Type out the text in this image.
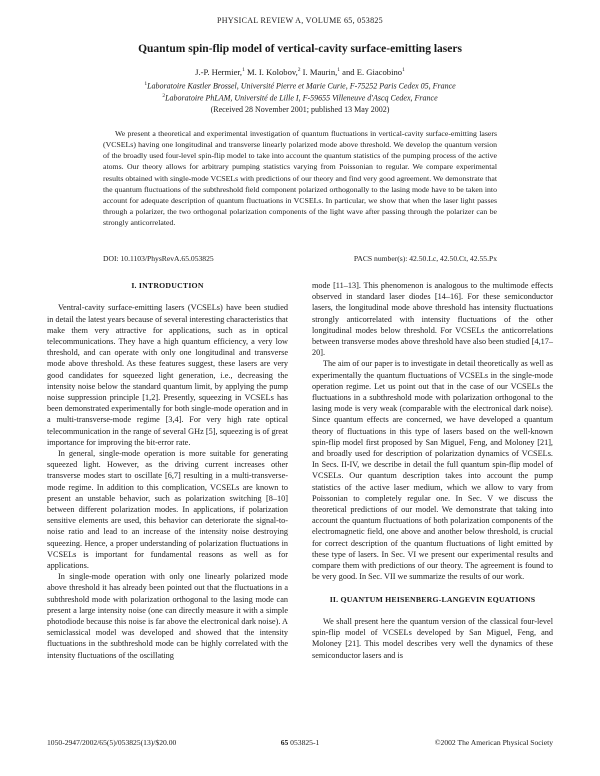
PHYSICAL REVIEW A, VOLUME 65, 053825
Quantum spin-flip model of vertical-cavity surface-emitting lasers
J.-P. Hermier,$^1$ M. I. Kolobov,$^2$ I. Maurin,$^1$ and E. Giacobino$^1$
$^1$Laboratoire Kastler Brossel, Université Pierre et Marie Curie, F-75252 Paris Cedex 05, France
$^2$Laboratoire PhLAM, Université de Lille I, F-59655 Villeneuve d'Ascq Cedex, France
(Received 28 November 2001; published 13 May 2002)
We present a theoretical and experimental investigation of quantum fluctuations in vertical-cavity surface-emitting lasers (VCSELs) having one longitudinal and transverse linearly polarized mode above threshold. We develop the quantum version of the broadly used four-level spin-flip model to take into account the quantum statistics of the pumping process of the active atoms. Our theory allows for arbitrary pumping statistics varying from Poissonian to regular. We compare experimental results obtained with single-mode VCSELs with predictions of our theory and find very good agreement. We demonstrate that the quantum fluctuations of the subthreshold field component polarized orthogonally to the lasing mode have to be taken into account for adequate description of quantum fluctuations in VCSELs. In particular, we show that when the laser light passes through a polarizer, the two orthogonal polarization components of the light wave after passing through the polarizer can be strongly anticorrelated.
DOI: 10.1103/PhysRevA.65.053825	PACS number(s): 42.50.Lc, 42.50.Ct, 42.55.Px
I. INTRODUCTION

Ventral-cavity surface-emitting lasers (VCSELs) have been studied in detail the latest years because of several interesting characteristics that make them very attractive for applications, such as in optical telecommunications. They have a high quantum efficiency, a very low threshold, and can operate with only one longitudinal and transverse mode above threshold. As these features suggest, these lasers are very good candidates for squeezed light generation, i.e., decreasing the intensity noise below the standard quantum limit, by applying the pump noise suppression principle [1,2]. Presently, squeezing in VCSELs has been demonstrated experimentally for both single-mode operation and in a multi-transverse-mode regime [3,4]. For very high rate optical telecommunication in the range of several GHz [5], squeezing is of great importance for improving the bit-error rate.

In general, single-mode operation is more suitable for generating squeezed light. However, as the driving current increases other transverse modes start to oscillate [6,7] resulting in a multi-transverse-mode regime. In addition to this complication, VCSELs are known to present an unstable behavior, such as polarization switching [8–10] between different polarization modes. In applications, if polarization sensitive elements are used, this behavior can deteriorate the signal-to-noise ratio and lead to an increase of the intensity noise destroying squeezing. Hence, a proper understanding of polarization fluctuations in VCSELs is important for fundamental reasons as well as for applications.

In single-mode operation with only one linearly polarized mode above threshold it has already been pointed out that the fluctuations in a subthreshold mode with polarization orthogonal to the lasing mode can present a large intensity noise (one can directly measure it with a simple photodiode because this noise is far above the electronical dark noise). A semiclassical model was developed and showed that the intensity fluctuations in the subthreshold mode can be highly correlated with the intensity fluctuations of the oscillating

mode [11–13]. This phenomenon is analogous to the multimode effects observed in standard laser diodes [14–16]. For these semiconductor lasers, the longitudinal mode above threshold has intensity fluctuations strongly anticorrelated with intensity fluctuations of the other longitudinal modes below threshold. For VCSELs the anticorrelations between transverse modes above threshold have also been studied [4,17–20].

The aim of our paper is to investigate in detail theoretically as well as experimentally the quantum fluctuations of VCSELs in the single-mode operation regime. Let us point out that in the case of our VCSELs the fluctuations in a subthreshold mode with polarization orthogonal to the lasing mode is very weak (comparable with the electronical dark noise). Since quantum effects are concerned, we have developed a quantum theory of fluctuations in this type of lasers based on the well-known spin-flip model first proposed by San Miguel, Feng, and Moloney [21], and broadly used for description of polarization dynamics of VCSELs. In Secs. II-IV, we describe in detail the full quantum spin-flip model of VCSELs. Our quantum description takes into account the pump statistics of the active laser medium, which we allow to vary from Poissonian to completely regular one. In Sec. V we discuss the theoretical predictions of our model. We demonstrate that taking into account the quantum fluctuations of both polarization components of the electromagnetic field, one above and another below threshold, is crucial for correct description of the quantum fluctuations of light emitted by these type of lasers. In Sec. VI we present our experimental results and compare them with predictions of our theory. The agreement is found to be very good. In Sec. VII we summarize the results of our work.

II. QUANTUM HEISENBERG-LANGEVIN EQUATIONS

We shall present here the quantum version of the classical four-level spin-flip model of VCSELs developed by San Miguel, Feng, and Moloney [21]. This model describes very well the dynamics of these semiconductor lasers and is

1050-2947/2002/65(5)/053825(13)/$20.00	65 053825-1	©2002 The American Physical Society
